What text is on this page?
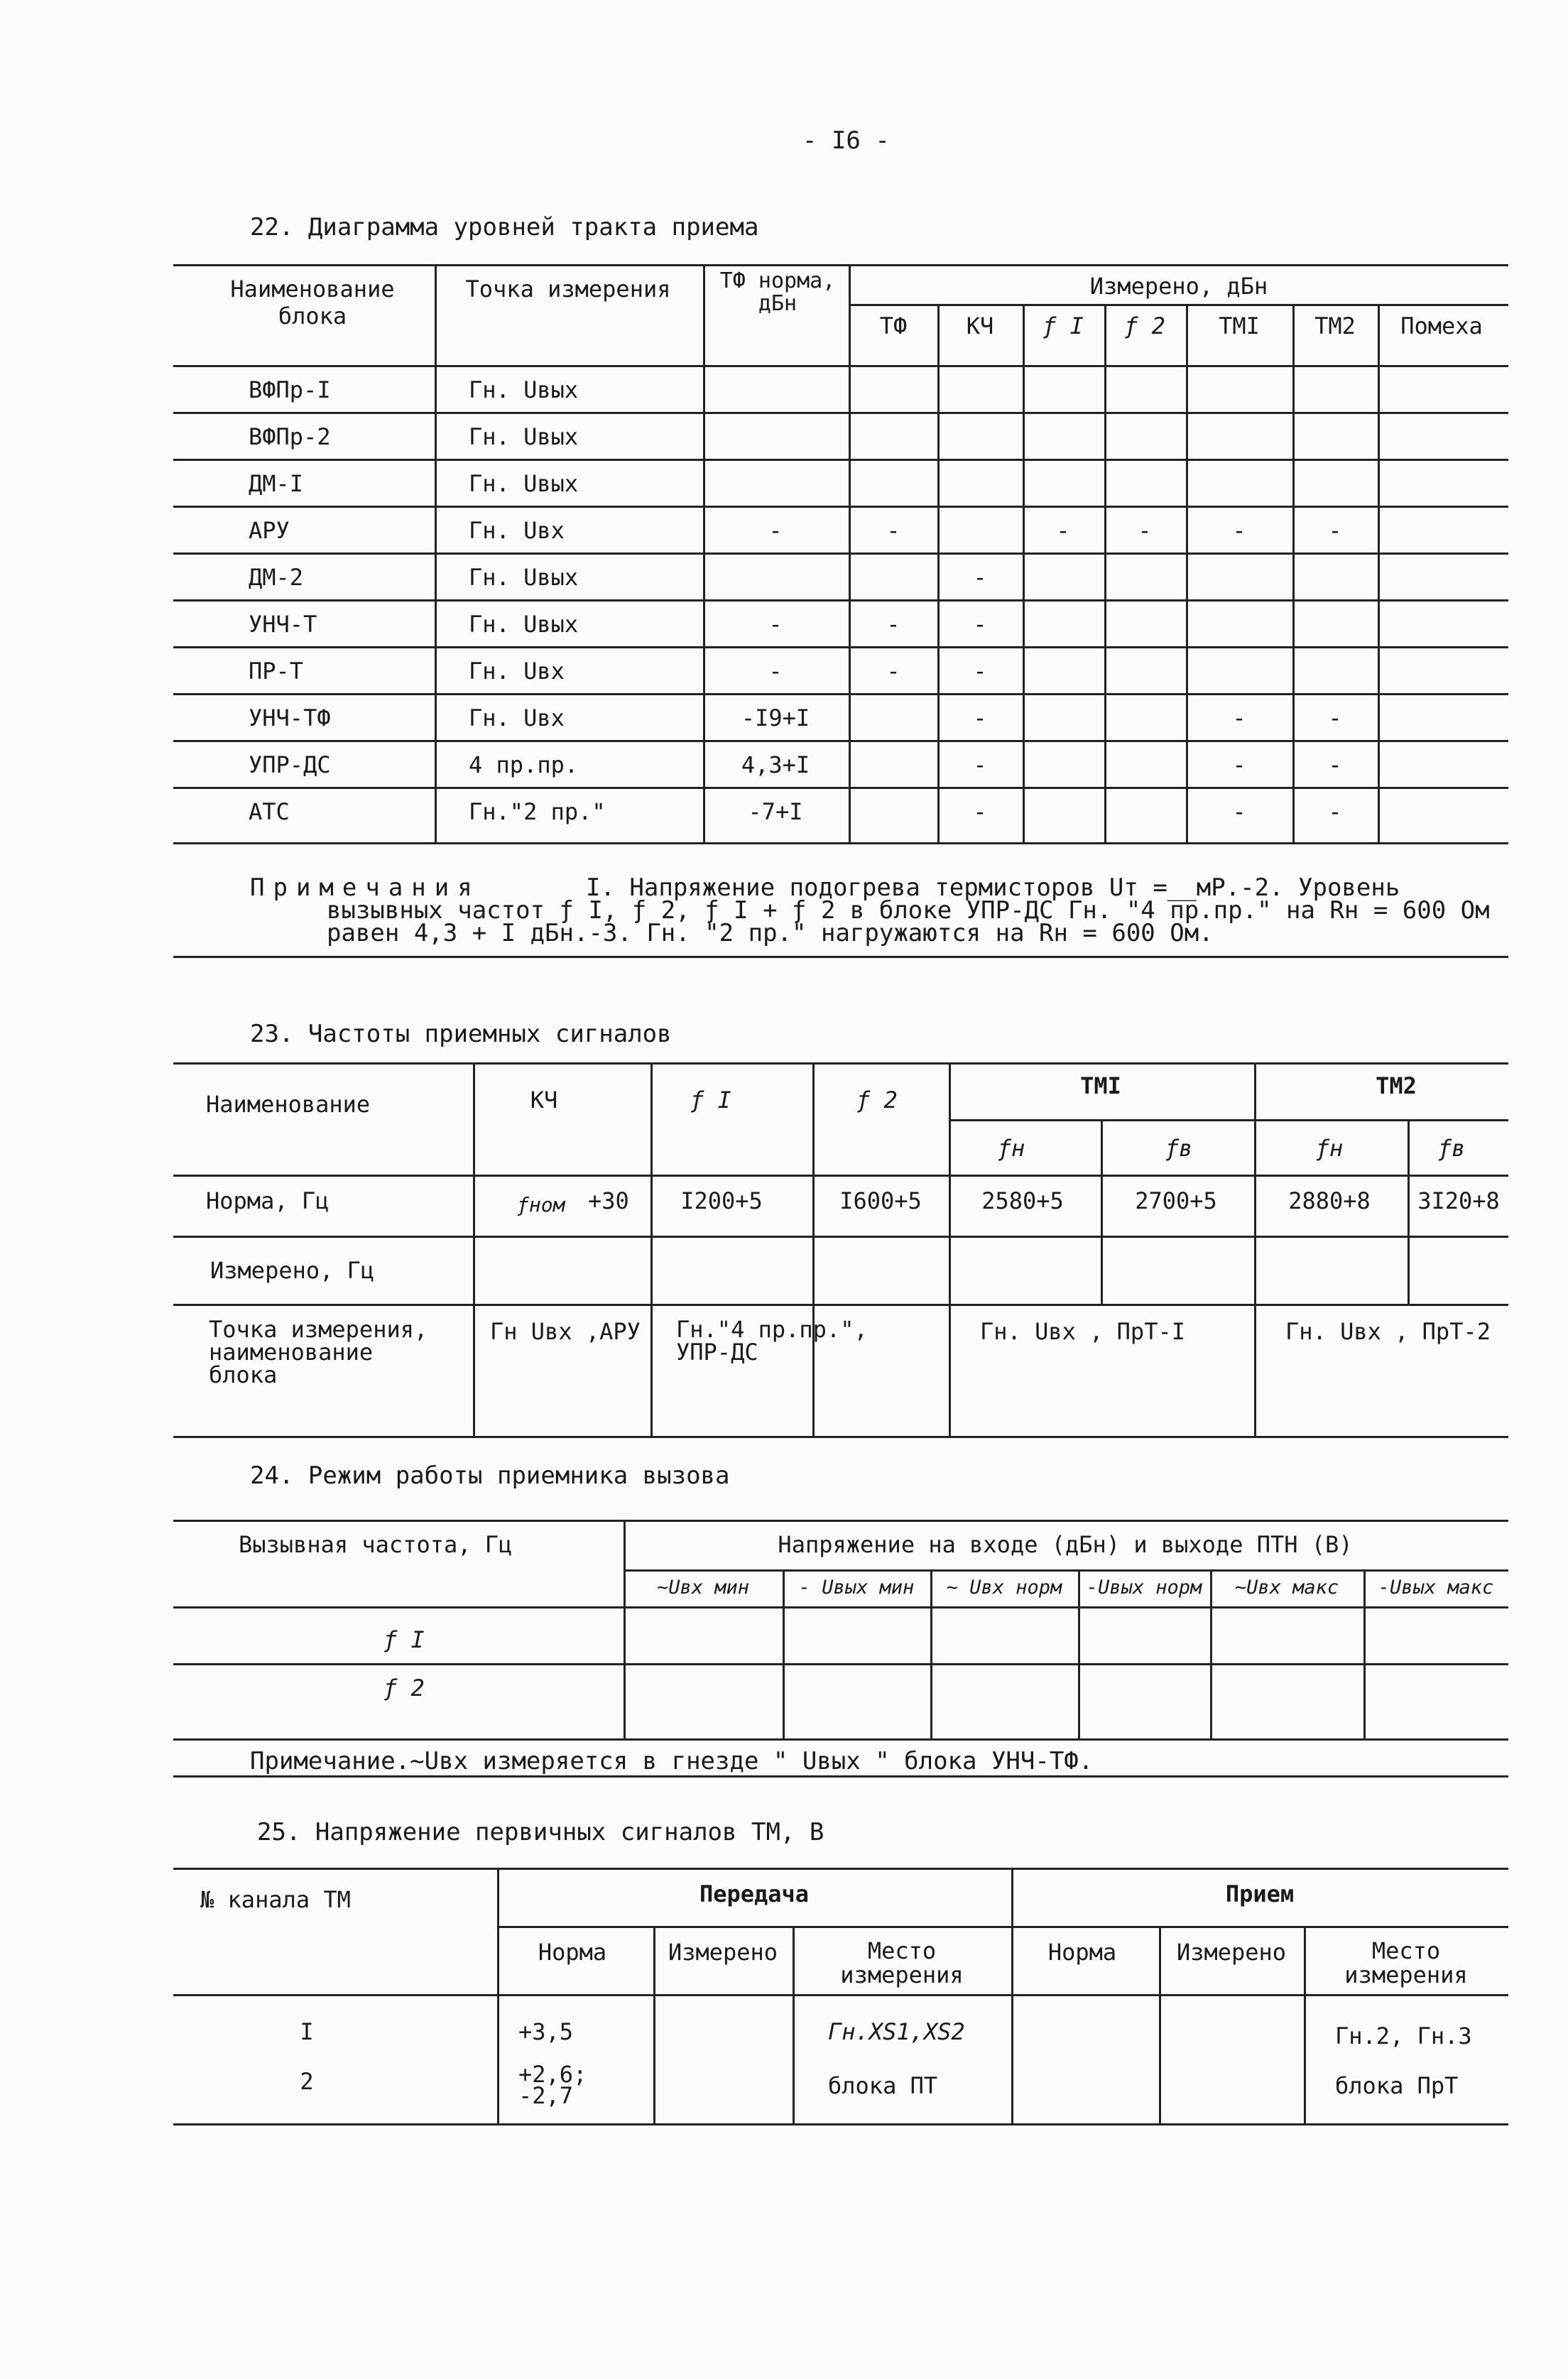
- I6 -
22. Диаграмма уровней тракта приема
Наименование блока
Точка измерения	ТФ норма, дБн
Измерено, дБн
ТФ	КЧ ƒ I ƒ 2 ТМI ТМ2 Помеха
ВФПр-I	Гн. Uвых
ВФПр-2	Гн. Uвых
ДМ-I	Гн. Uвых
АРУ	Гн. Uвх	-	-	-	-	-	-
ДМ-2	Гн. Uвых	-
УНЧ-Т	Гн. Uвых	-	-	-
ПР-Т	Гн. Uвх	-	-	-
УНЧ-ТФ	Гн. Uвх	-I9+I	-	-	-
УПР-ДС	4 пр.пр.	4,3+I	-	-	-
АТС	Гн."2 пр."	-7+I	-	-	-
Примечания	I. Напряжение подогрева термисторов Uт =__мР.-2. Уровень
вызывных частот ƒ I, ƒ 2, ƒ I + ƒ 2 в блоке УПР-ДС Гн. "4 пр.пр." на Rн = 600 Ом
равен 4,3 + I дБн.-3. Гн. "2 пр." нагружаются на Rн = 600 Ом.
23. Частоты приемных сигналов
Наименование	КЧ	ƒ I	ƒ 2
ТМI	ТМ2
ƒн	ƒв	ƒн	ƒв
Норма, Гц	ƒном +30 I200+5	I600+5	2580+5	2700+5	2880+8 3I20+8
Измерено, Гц
Точка измерения, наименование блока
Гн Uвх ,АРУ Гн."4 пр.пр.", УПР-ДС
Гн. Uвх , ПрТ-I	Гн. Uвх , ПрТ-2
24. Режим работы приемника вызова
Вызывная частота, Гц	Напряжение на входе (дБн) и выходе ПТН (В)
~Uвх мин	- Uвых мин ~ Uвх норм -Uвых норм ~Uвх макс -Uвых макс
ƒ I
ƒ 2
Примечание.~Uвх измеряется в гнезде " Uвых " блока УНЧ-ТФ.
25. Напряжение первичных сигналов ТМ, В
№ канала ТМ	Передача	Прием
Норма	Измерено	Место измерения
Норма	Измерено	Место измерения
I	+3,5	Гн.XS1,XS2	Гн.2, Гн.3
2	+2,6; -2,7	блока ПТ	блока ПрТ
